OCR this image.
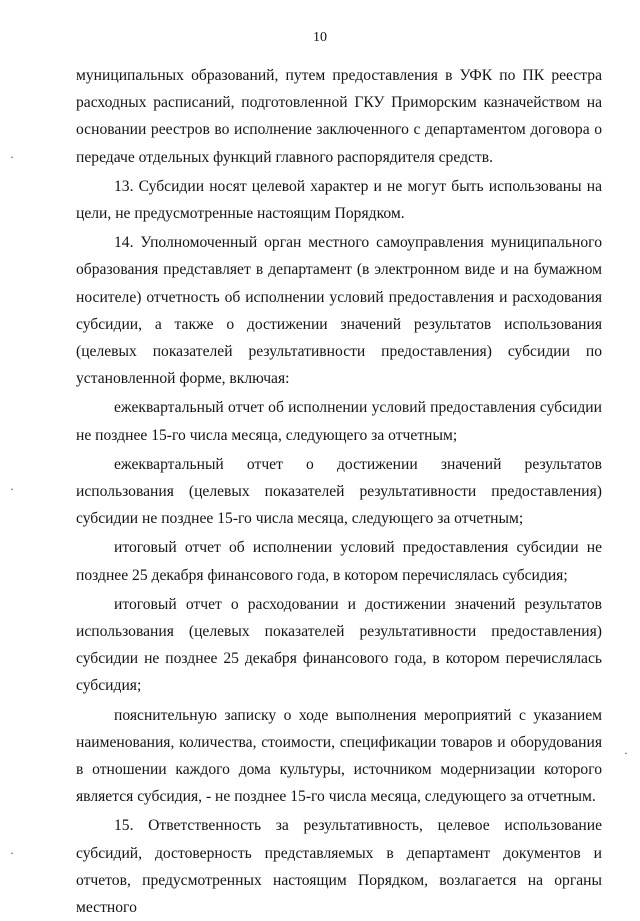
10

муниципальных образований, путем предоставления в УФК по ПК реестра расходных расписаний, подготовленной ГКУ Приморским казначейством на основании реестров во исполнение заключенного с департаментом договора о передаче отдельных функций главного распорядителя средств.

13. Субсидии носят целевой характер и не могут быть использованы на цели, не предусмотренные настоящим Порядком.

14. Уполномоченный орган местного самоуправления муниципального образования представляет в департамент (в электронном виде и на бумажном носителе) отчетность об исполнении условий предоставления и расходования субсидии, а также о достижении значений результатов использования (целевых показателей результативности предоставления) субсидии по установленной форме, включая:

ежеквартальный отчет об исполнении условий предоставления субсидии не позднее 15-го числа месяца, следующего за отчетным;

ежеквартальный отчет о достижении значений результатов использования (целевых показателей результативности предоставления) субсидии не позднее 15-го числа месяца, следующего за отчетным;

итоговый отчет об исполнении условий предоставления субсидии не позднее 25 декабря финансового года, в котором перечислялась субсидия;

итоговый отчет о расходовании и достижении значений результатов использования (целевых показателей результативности предоставления) субсидии не позднее 25 декабря финансового года, в котором перечислялась субсидия;

пояснительную записку о ходе выполнения мероприятий с указанием наименования, количества, стоимости, спецификации товаров и оборудования в отношении каждого дома культуры, источником модернизации которого является субсидия, - не позднее 15-го числа месяца, следующего за отчетным.

15. Ответственность за результативность, целевое использование субсидий, достоверность представляемых в департамент документов и отчетов, предусмотренных настоящим Порядком, возлагается на органы местного

·
·
·
·
